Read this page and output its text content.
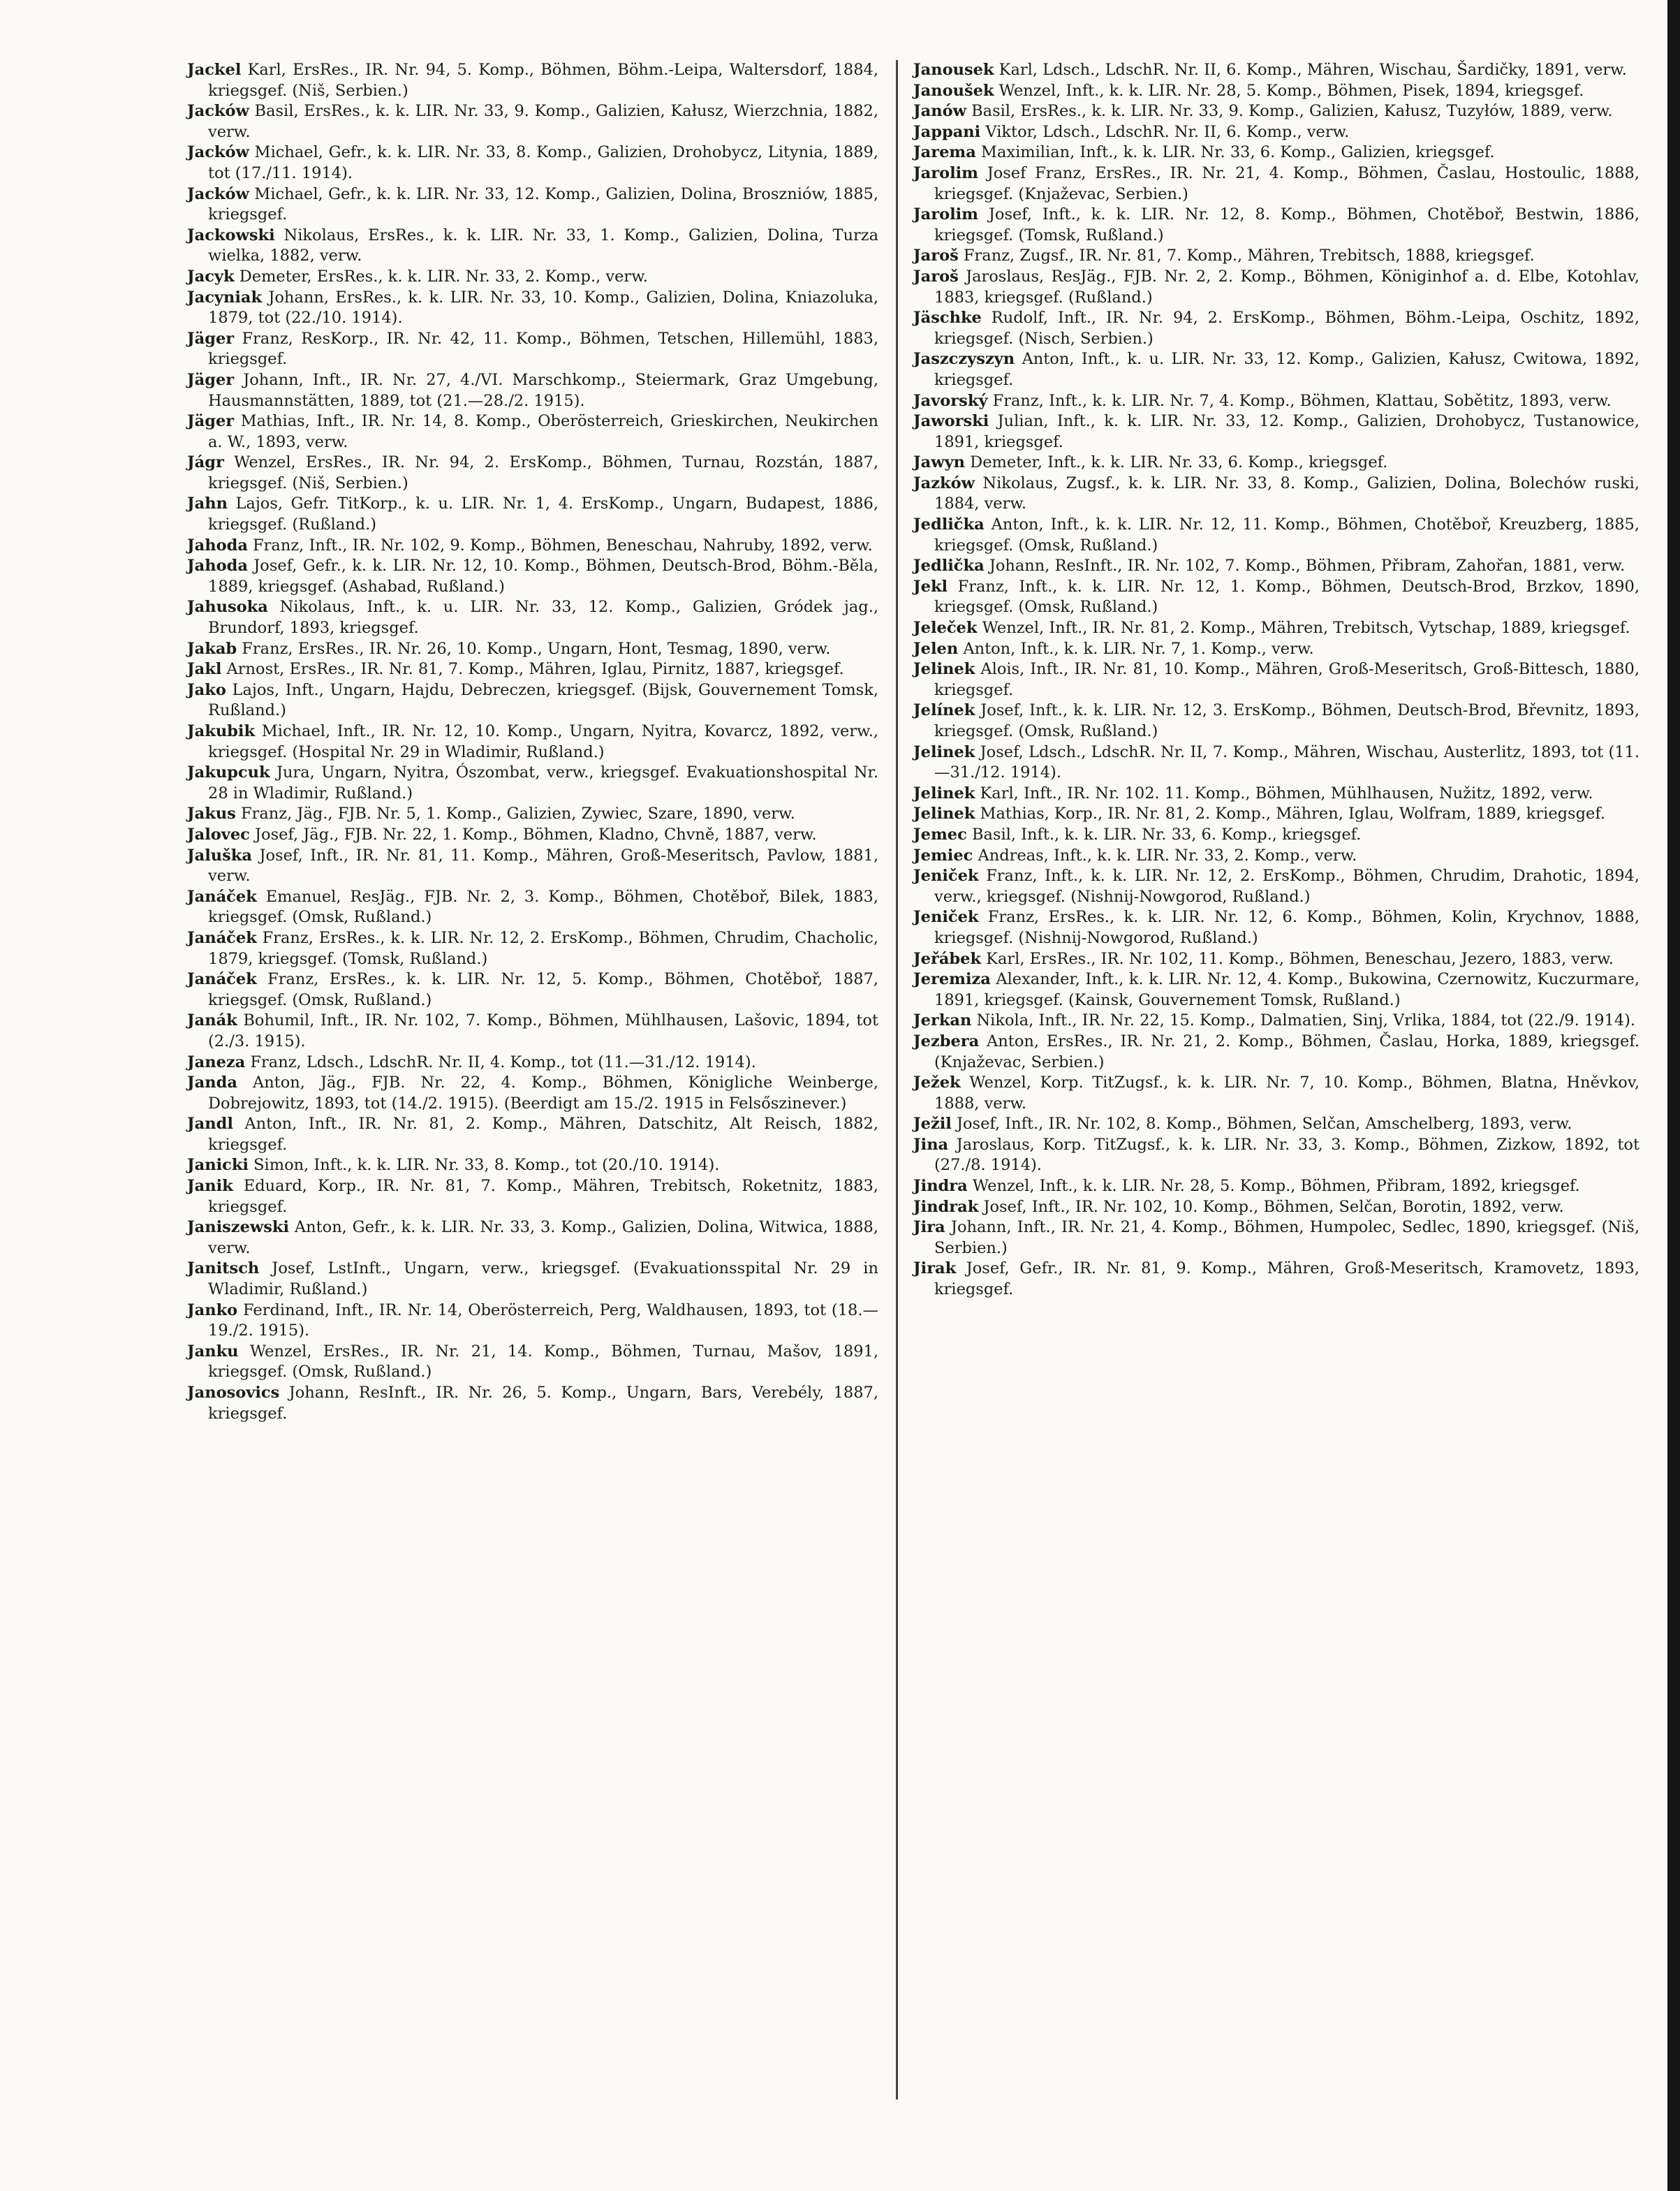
Jackel Karl, ErsRes., IR. Nr. 94, 5. Komp., Böhmen, Böhm.-Leipa, Waltersdorf, 1884, kriegsgef. (Niš, Serbien.)

Jacków Basil, ErsRes., k. k. LIR. Nr. 33, 9. Komp., Galizien, Kałusz, Wierzchnia, 1882, verw.

Jacków Michael, Gefr., k. k. LIR. Nr. 33, 8. Komp., Galizien, Drohobycz, Litynia, 1889, tot (17./11. 1914).

Jacków Michael, Gefr., k. k. LIR. Nr. 33, 12. Komp., Galizien, Dolina, Broszniów, 1885, kriegsgef.

Jackowski Nikolaus, ErsRes., k. k. LIR. Nr. 33, 1. Komp., Galizien, Dolina, Turza wielka, 1882, verw.

Jacyk Demeter, ErsRes., k. k. LIR. Nr. 33, 2. Komp., verw.

Jacyniak Johann, ErsRes., k. k. LIR. Nr. 33, 10. Komp., Galizien, Dolina, Kniazoluka, 1879, tot (22./10. 1914).

Jäger Franz, ResKorp., IR. Nr. 42, 11. Komp., Böhmen, Tetschen, Hillemühl, 1883, kriegsgef.

Jäger Johann, Inft., IR. Nr. 27, 4./VI. Marschkomp., Steiermark, Graz Umgebung, Hausmannstätten, 1889, tot (21.—28./2. 1915).

Jäger Mathias, Inft., IR. Nr. 14, 8. Komp., Oberösterreich, Grieskirchen, Neukirchen a. W., 1893, verw.

Jágr Wenzel, ErsRes., IR. Nr. 94, 2. ErsKomp., Böhmen, Turnau, Rozstán, 1887, kriegsgef. (Niš, Serbien.)

Jahn Lajos, Gefr. TitKorp., k. u. LIR. Nr. 1, 4. ErsKomp., Ungarn, Budapest, 1886, kriegsgef. (Rußland.)

Jahoda Franz, Inft., IR. Nr. 102, 9. Komp., Böhmen, Beneschau, Nahruby, 1892, verw.

Jahoda Josef, Gefr., k. k. LIR. Nr. 12, 10. Komp., Böhmen, Deutsch-Brod, Böhm.-Běla, 1889, kriegsgef. (Ashabad, Rußland.)

Jahusoka Nikolaus, Inft., k. u. LIR. Nr. 33, 12. Komp., Galizien, Gródek jag., Brundorf, 1893, kriegsgef.

Jakab Franz, ErsRes., IR. Nr. 26, 10. Komp., Ungarn, Hont, Tesmag, 1890, verw.

Jakl Arnost, ErsRes., IR. Nr. 81, 7. Komp., Mähren, Iglau, Pirnitz, 1887, kriegsgef.

Jako Lajos, Inft., Ungarn, Hajdu, Debreczen, kriegsgef. (Bijsk, Gouvernement Tomsk, Rußland.)

Jakubik Michael, Inft., IR. Nr. 12, 10. Komp., Ungarn, Nyitra, Kovarcz, 1892, verw., kriegsgef. (Hospital Nr. 29 in Wladimir, Rußland.)

Jakupcuk Jura, Ungarn, Nyitra, Ószombat, verw., kriegsgef. Evakuationshospital Nr. 28 in Wladimir, Rußland.)

Jakus Franz, Jäg., FJB. Nr. 5, 1. Komp., Galizien, Zywiec, Szare, 1890, verw.

Jalovec Josef, Jäg., FJB. Nr. 22, 1. Komp., Böhmen, Kladno, Chvně, 1887, verw.

Jaluška Josef, Inft., IR. Nr. 81, 11. Komp., Mähren, Groß-Meseritsch, Pavlow, 1881, verw.

Janáček Emanuel, ResJäg., FJB. Nr. 2, 3. Komp., Böhmen, Chotěboř, Bilek, 1883, kriegsgef. (Omsk, Rußland.)

Janáček Franz, ErsRes., k. k. LIR. Nr. 12, 2. ErsKomp., Böhmen, Chrudim, Chacholic, 1879, kriegsgef. (Tomsk, Rußland.)

Janáček Franz, ErsRes., k. k. LIR. Nr. 12, 5. Komp., Böhmen, Chotěboř, 1887, kriegsgef. (Omsk, Rußland.)

Janák Bohumil, Inft., IR. Nr. 102, 7. Komp., Böhmen, Mühlhausen, Lašovic, 1894, tot (2./3. 1915).

Janeza Franz, Ldsch., LdschR. Nr. II, 4. Komp., tot (11.—31./12. 1914).

Janda Anton, Jäg., FJB. Nr. 22, 4. Komp., Böhmen, Königliche Weinberge, Dobrejowitz, 1893, tot (14./2. 1915). (Beerdigt am 15./2. 1915 in Felsőszinever.)

Jandl Anton, Inft., IR. Nr. 81, 2. Komp., Mähren, Datschitz, Alt Reisch, 1882, kriegsgef.

Janicki Simon, Inft., k. k. LIR. Nr. 33, 8. Komp., tot (20./10. 1914).

Janik Eduard, Korp., IR. Nr. 81, 7. Komp., Mähren, Trebitsch, Roketnitz, 1883, kriegsgef.

Janiszewski Anton, Gefr., k. k. LIR. Nr. 33, 3. Komp., Galizien, Dolina, Witwica, 1888, verw.

Janitsch Josef, LstInft., Ungarn, verw., kriegsgef. (Evakuationsspital Nr. 29 in Wladimir, Rußland.)

Janko Ferdinand, Inft., IR. Nr. 14, Oberösterreich, Perg, Waldhausen, 1893, tot (18.—19./2. 1915).

Janku Wenzel, ErsRes., IR. Nr. 21, 14. Komp., Böhmen, Turnau, Mašov, 1891, kriegsgef. (Omsk, Rußland.)

Janosovics Johann, ResInft., IR. Nr. 26, 5. Komp., Ungarn, Bars, Verebély, 1887, kriegsgef.

Janousek Karl, Ldsch., LdschR. Nr. II, 6. Komp., Mähren, Wischau, Šardičky, 1891, verw.

Janoušek Wenzel, Inft., k. k. LIR. Nr. 28, 5. Komp., Böhmen, Pisek, 1894, kriegsgef.

Janów Basil, ErsRes., k. k. LIR. Nr. 33, 9. Komp., Galizien, Kałusz, Tuzyłów, 1889, verw.

Jappani Viktor, Ldsch., LdschR. Nr. II, 6. Komp., verw.

Jarema Maximilian, Inft., k. k. LIR. Nr. 33, 6. Komp., Galizien, kriegsgef.

Jarolim Josef Franz, ErsRes., IR. Nr. 21, 4. Komp., Böhmen, Časlau, Hostoulic, 1888, kriegsgef. (Knjaževac, Serbien.)

Jarolim Josef, Inft., k. k. LIR. Nr. 12, 8. Komp., Böhmen, Chotěboř, Bestwin, 1886, kriegsgef. (Tomsk, Rußland.)

Jaroš Franz, Zugsf., IR. Nr. 81, 7. Komp., Mähren, Trebitsch, 1888, kriegsgef.

Jaroš Jaroslaus, ResJäg., FJB. Nr. 2, 2. Komp., Böhmen, Königinhof a. d. Elbe, Kotohlav, 1883, kriegsgef. (Rußland.)

Jäschke Rudolf, Inft., IR. Nr. 94, 2. ErsKomp., Böhmen, Böhm.-Leipa, Oschitz, 1892, kriegsgef. (Nisch, Serbien.)

Jaszczyszyn Anton, Inft., k. u. LIR. Nr. 33, 12. Komp., Galizien, Kałusz, Cwitowa, 1892, kriegsgef.

Javorský Franz, Inft., k. k. LIR. Nr. 7, 4. Komp., Böhmen, Klattau, Sobětitz, 1893, verw.

Jaworski Julian, Inft., k. k. LIR. Nr. 33, 12. Komp., Galizien, Drohobycz, Tustanowice, 1891, kriegsgef.

Jawyn Demeter, Inft., k. k. LIR. Nr. 33, 6. Komp., kriegsgef.

Jazków Nikolaus, Zugsf., k. k. LIR. Nr. 33, 8. Komp., Galizien, Dolina, Bolechów ruski, 1884, verw.

Jedlička Anton, Inft., k. k. LIR. Nr. 12, 11. Komp., Böhmen, Chotěboř, Kreuzberg, 1885, kriegsgef. (Omsk, Rußland.)

Jedlička Johann, ResInft., IR. Nr. 102, 7. Komp., Böhmen, Přibram, Zahořan, 1881, verw.

Jekl Franz, Inft., k. k. LIR. Nr. 12, 1. Komp., Böhmen, Deutsch-Brod, Brzkov, 1890, kriegsgef. (Omsk, Rußland.)

Jeleček Wenzel, Inft., IR. Nr. 81, 2. Komp., Mähren, Trebitsch, Vytschap, 1889, kriegsgef.

Jelen Anton, Inft., k. k. LIR. Nr. 7, 1. Komp., verw.

Jelinek Alois, Inft., IR. Nr. 81, 10. Komp., Mähren, Groß-Meseritsch, Groß-Bittesch, 1880, kriegsgef.

Jelínek Josef, Inft., k. k. LIR. Nr. 12, 3. ErsKomp., Böhmen, Deutsch-Brod, Břevnitz, 1893, kriegsgef. (Omsk, Rußland.)

Jelinek Josef, Ldsch., LdschR. Nr. II, 7. Komp., Mähren, Wischau, Austerlitz, 1893, tot (11.—31./12. 1914).

Jelinek Karl, Inft., IR. Nr. 102. 11. Komp., Böhmen, Mühlhausen, Nužitz, 1892, verw.

Jelinek Mathias, Korp., IR. Nr. 81, 2. Komp., Mähren, Iglau, Wolfram, 1889, kriegsgef.

Jemec Basil, Inft., k. k. LIR. Nr. 33, 6. Komp., kriegsgef.

Jemiec Andreas, Inft., k. k. LIR. Nr. 33, 2. Komp., verw.

Jeniček Franz, Inft., k. k. LIR. Nr. 12, 2. ErsKomp., Böhmen, Chrudim, Drahotic, 1894, verw., kriegsgef. (Nishnij-Nowgorod, Rußland.)

Jeniček Franz, ErsRes., k. k. LIR. Nr. 12, 6. Komp., Böhmen, Kolin, Krychnov, 1888, kriegsgef. (Nishnij-Nowgorod, Rußland.)

Jeřábek Karl, ErsRes., IR. Nr. 102, 11. Komp., Böhmen, Beneschau, Jezero, 1883, verw.

Jeremiza Alexander, Inft., k. k. LIR. Nr. 12, 4. Komp., Bukowina, Czernowitz, Kuczurmare, 1891, kriegsgef. (Kainsk, Gouvernement Tomsk, Rußland.)

Jerkan Nikola, Inft., IR. Nr. 22, 15. Komp., Dalmatien, Sinj, Vrlika, 1884, tot (22./9. 1914).

Jezbera Anton, ErsRes., IR. Nr. 21, 2. Komp., Böhmen, Časlau, Horka, 1889, kriegsgef. (Knjaževac, Serbien.)

Ježek Wenzel, Korp. TitZugsf., k. k. LIR. Nr. 7, 10. Komp., Böhmen, Blatna, Hněvkov, 1888, verw.

Ježil Josef, Inft., IR. Nr. 102, 8. Komp., Böhmen, Selčan, Amschelberg, 1893, verw.

Jina Jaroslaus, Korp. TitZugsf., k. k. LIR. Nr. 33, 3. Komp., Böhmen, Zizkow, 1892, tot (27./8. 1914).

Jindra Wenzel, Inft., k. k. LIR. Nr. 28, 5. Komp., Böhmen, Přibram, 1892, kriegsgef.

Jindrak Josef, Inft., IR. Nr. 102, 10. Komp., Böhmen, Selčan, Borotin, 1892, verw.

Jira Johann, Inft., IR. Nr. 21, 4. Komp., Böhmen, Humpolec, Sedlec, 1890, kriegsgef. (Niš, Serbien.)

Jirak Josef, Gefr., IR. Nr. 81, 9. Komp., Mähren, Groß-Meseritsch, Kramovetz, 1893, kriegsgef.
